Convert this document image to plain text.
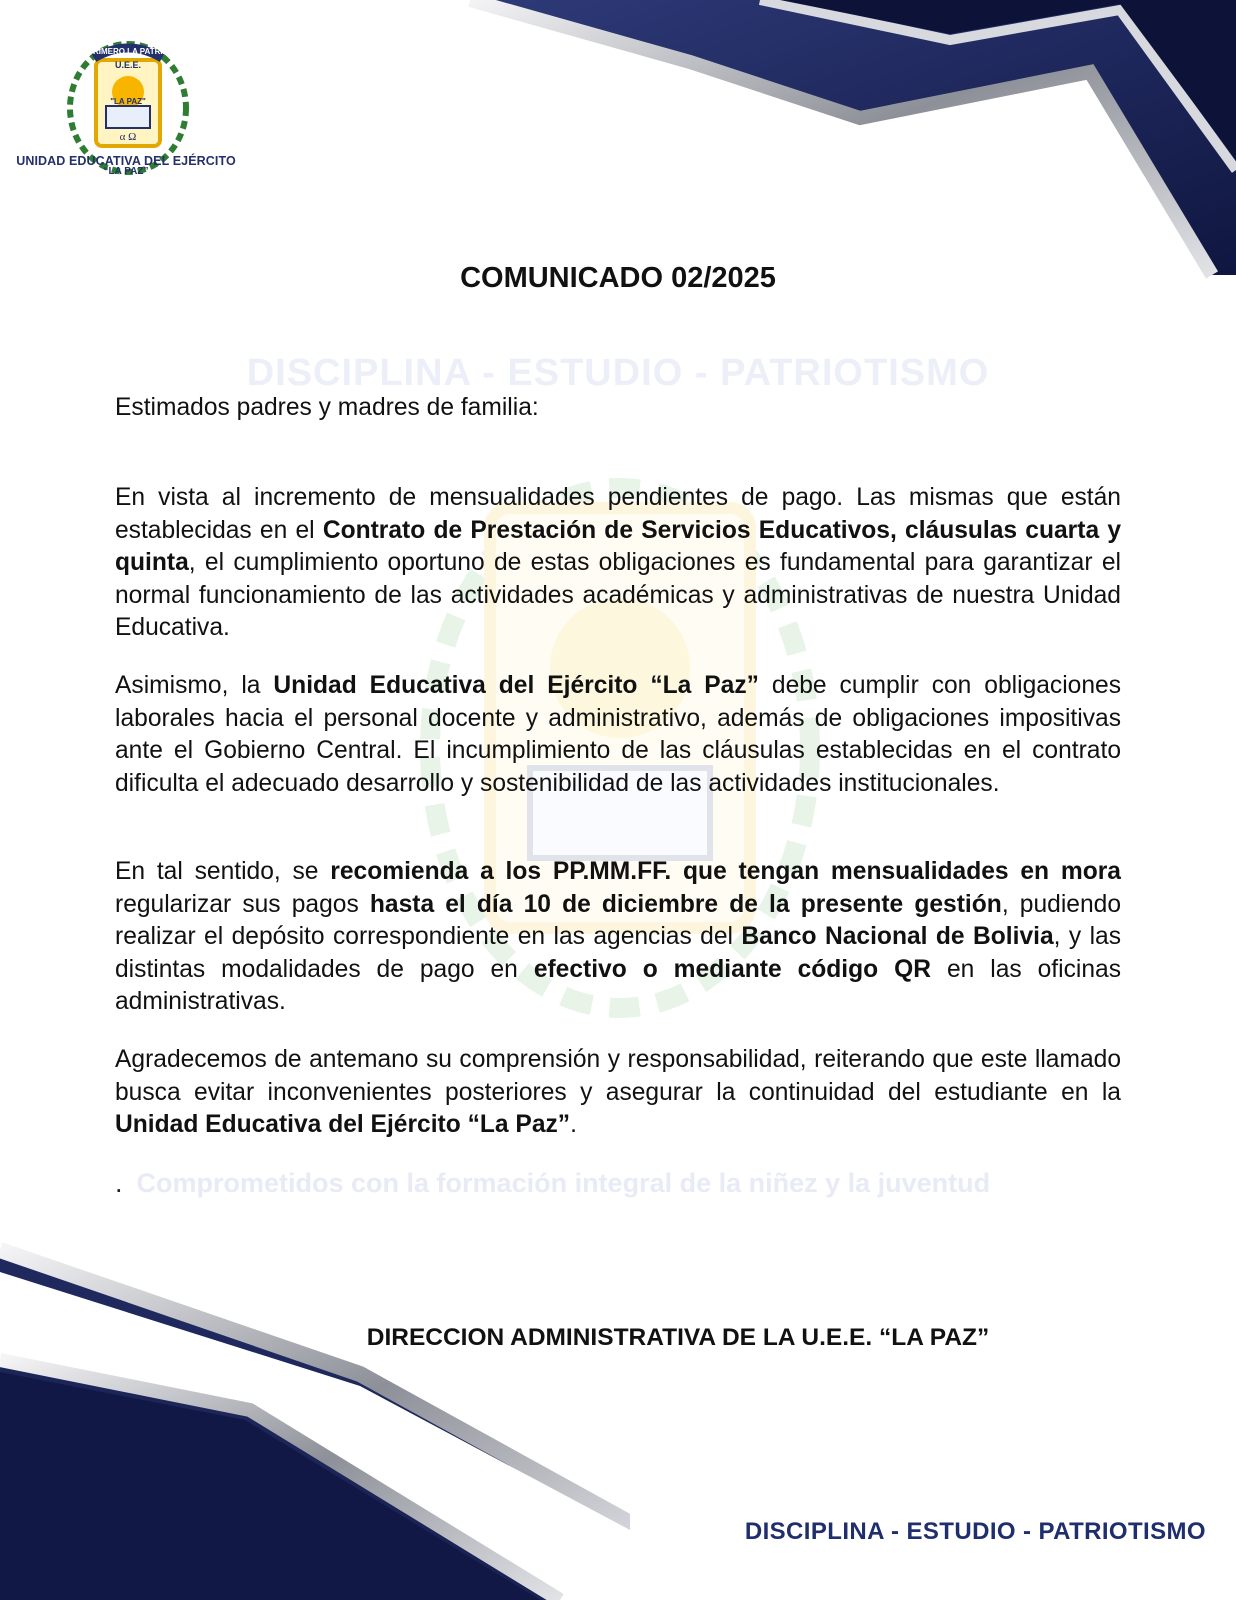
PRIMERO LA PATRIA
U.E.E.
"LA PAZ"
α Ω
UNIDAD EDUCATIVA DEL EJÉRCITO
“LA PAZ”
COMUNICADO 02/2025
DISCIPLINA - ESTUDIO - PATRIOTISMO
Estimados padres y madres de familia:
En vista al incremento de mensualidades pendientes de pago. Las mismas que están establecidas en el Contrato de Prestación de Servicios Educativos, cláusulas cuarta y quinta, el cumplimiento oportuno de estas obligaciones es fundamental para garantizar el normal funcionamiento de las actividades académicas y administrativas de nuestra Unidad Educativa.
Asimismo, la Unidad Educativa del Ejército “La Paz” debe cumplir con obligaciones laborales hacia el personal docente y administrativo, además de obligaciones impositivas ante el Gobierno Central. El incumplimiento de las cláusulas establecidas en el contrato dificulta el adecuado desarrollo y sostenibilidad de las actividades institucionales.
En tal sentido, se recomienda a los PP.MM.FF. que tengan mensualidades en mora regularizar sus pagos hasta el día 10 de diciembre de la presente gestión, pudiendo realizar el depósito correspondiente en las agencias del Banco Nacional de Bolivia, y las distintas modalidades de pago en efectivo o mediante código QR en las oficinas administrativas.
Agradecemos de antemano su comprensión y responsabilidad, reiterando que este llamado busca evitar inconvenientes posteriores y asegurar la continuidad del estudiante en la Unidad Educativa del Ejército “La Paz”.
. Comprometidos con la formación integral de la niñez y la juventud
DIRECCION ADMINISTRATIVA DE LA U.E.E. “LA PAZ”
DISCIPLINA - ESTUDIO - PATRIOTISMO
